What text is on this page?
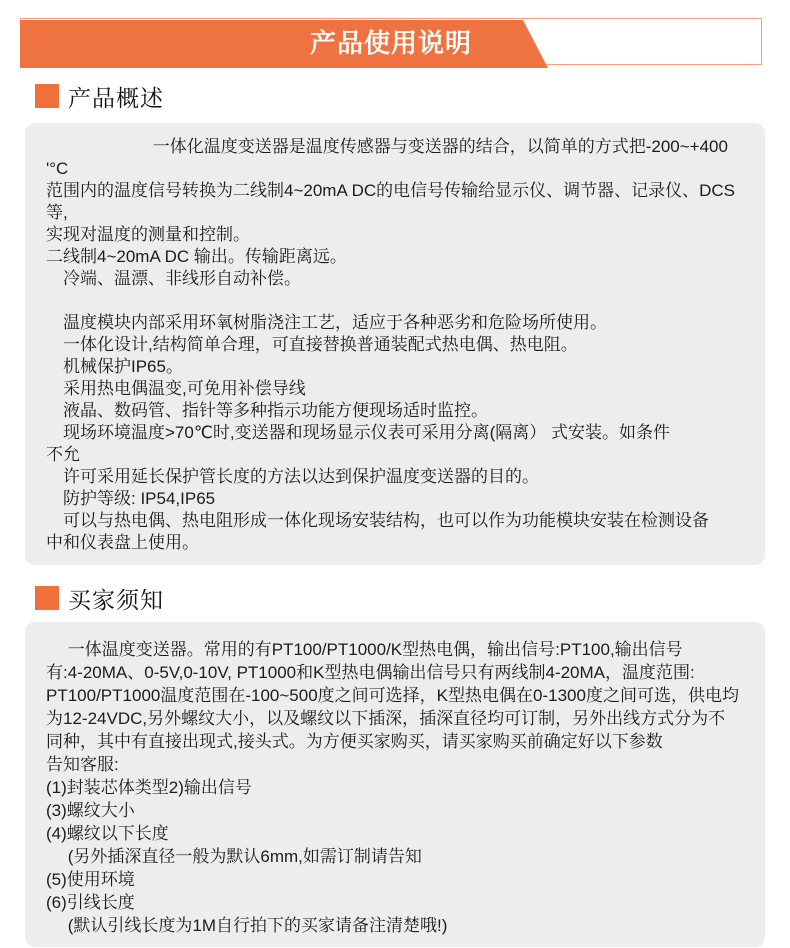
产品使用说明
产品概述
　　　　　　 一体化温度变送器是温度传感器与变送器的结合，以简单的方式把-200~+400 '°C
范围内的温度信号转换为二线制4~20mA DC的电信号传输给显示仪、调节器、记录仪、DCS等,
实现对温度的测量和控制。
二线制4~20mA DC 输出。传输距离远。
　冷端、温漂、非线形自动补偿。
　温度模块内部采用环氧树脂浇注工艺，适应于各种恶劣和危险场所使用。
　一体化设计,结构简单合理，可直接替换普通装配式热电偶、热电阻。
　机械保护IP65。
　采用热电偶温变,可免用补偿导线
　液晶、数码管、指针等多种指示功能方便现场适时监控。
　现场环境温度>70℃时,变送器和现场显示仪表可采用分离(隔离） 式安装。如条件
不允
　许可采用延长保护管长度的方法以达到保护温度变送器的目的。
　防护等级: IP54,IP65
　可以与热电偶、热电阻形成一体化现场安装结构，也可以作为功能模块安装在检测设备
中和仪表盘上使用。
买家须知
　 一体温度变送器。常用的有PT100/PT1000/K型热电偶，输出信号:PT100,输出信号
有:4-20MA、0-5V,0-10V, PT1000和K型热电偶输出信号只有两线制4-20MA，温度范围:
PT100/PT1000温度范围在-100~500度之间可选择，K型热电偶在0-1300度之间可选，供电均
为12-24VDC,另外螺纹大小，以及螺纹以下插深，插深直径均可订制，另外出线方式分为不
同种，其中有直接出现式,接头式。为方便买家购买，请买家购买前确定好以下参数
告知客服:
(1)封装芯体类型2)输出信号
(3)螺纹大小
(4)螺纹以下长度
　 (另外插深直径一般为默认6mm,如需订制请告知
(5)使用环境
(6)引线长度
　 (默认引线长度为1M自行拍下的买家请备注清楚哦!)
